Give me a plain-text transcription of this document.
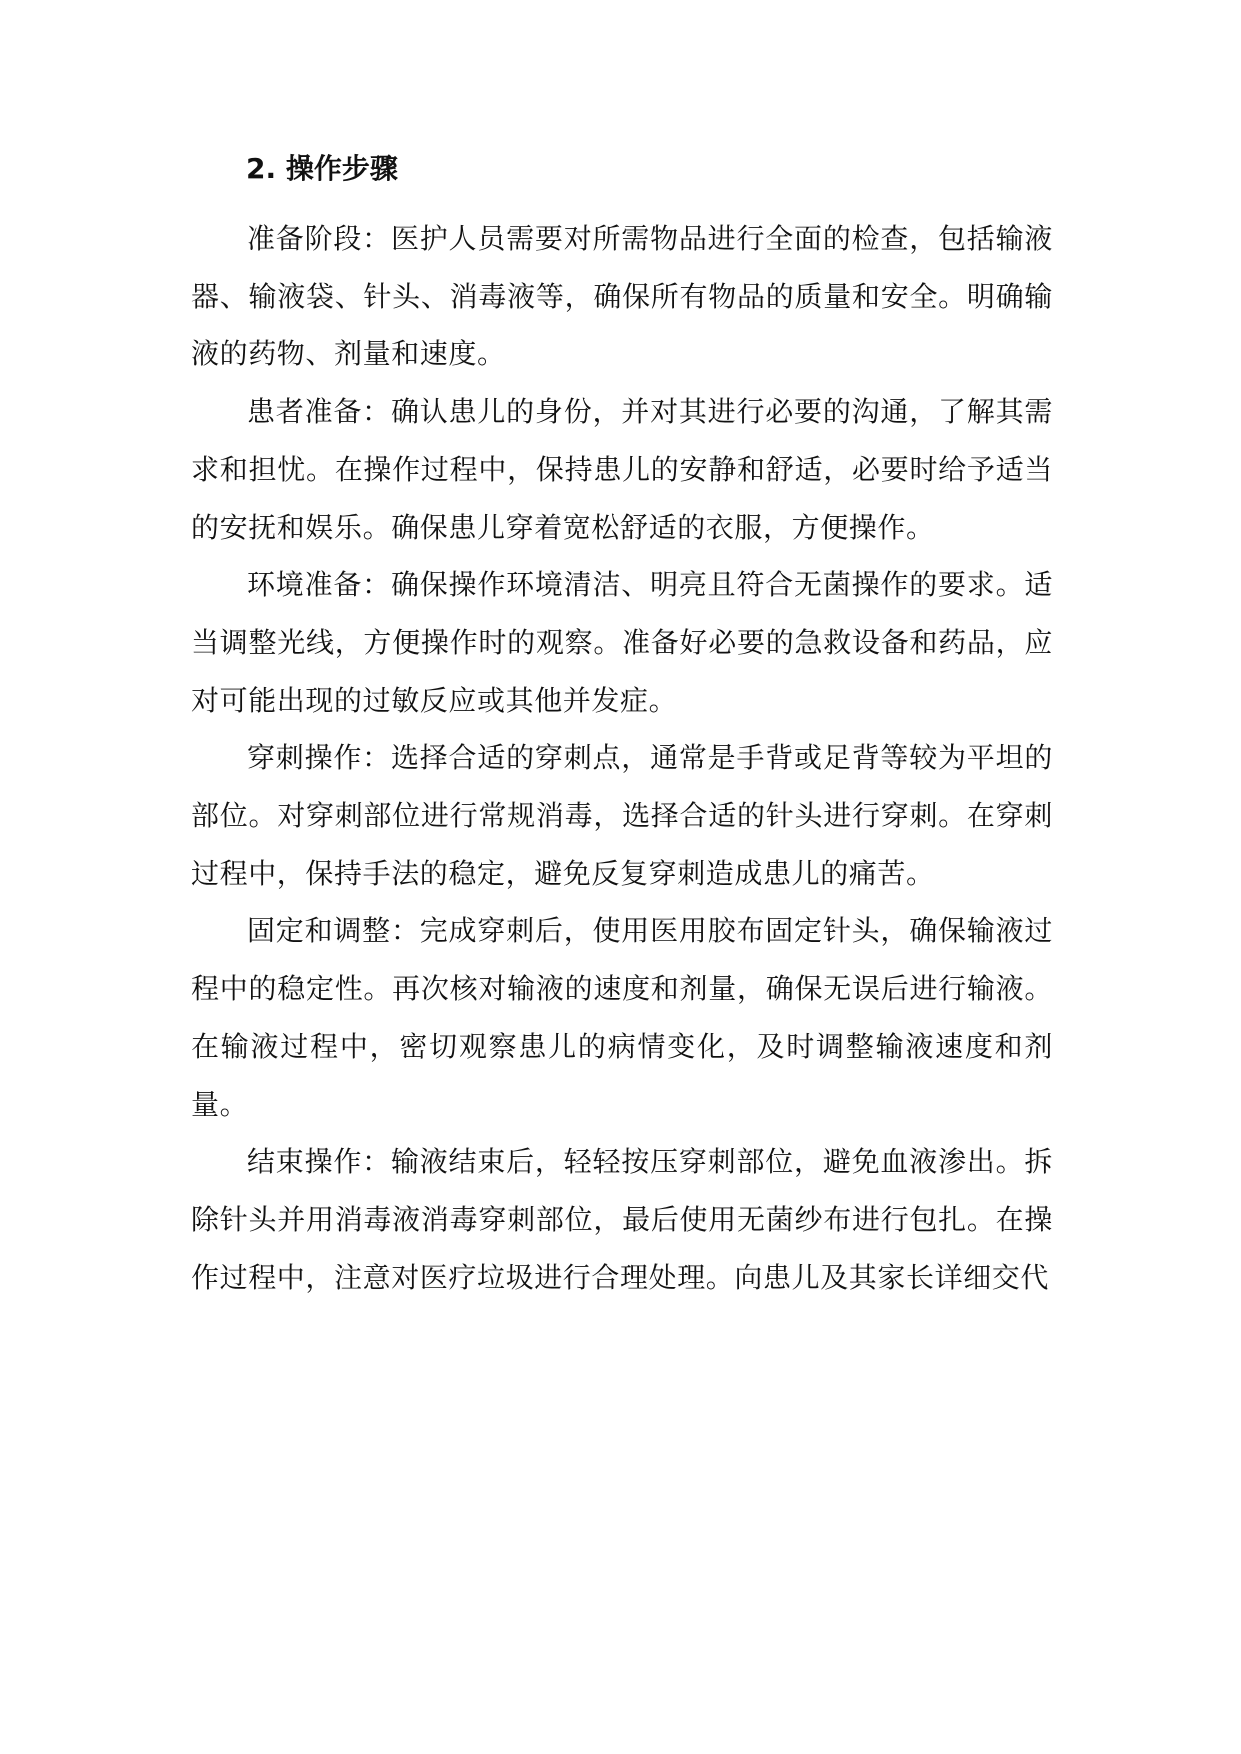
2. 操作步骤

准备阶段：医护人员需要对所需物品进行全面的检查，包括输液器、输液袋、针头、消毒液等，确保所有物品的质量和安全。明确输液的药物、剂量和速度。

患者准备：确认患儿的身份，并对其进行必要的沟通，了解其需求和担忧。在操作过程中，保持患儿的安静和舒适，必要时给予适当的安抚和娱乐。确保患儿穿着宽松舒适的衣服，方便操作。

环境准备：确保操作环境清洁、明亮且符合无菌操作的要求。适当调整光线，方便操作时的观察。准备好必要的急救设备和药品，应对可能出现的过敏反应或其他并发症。

穿刺操作：选择合适的穿刺点，通常是手背或足背等较为平坦的部位。对穿刺部位进行常规消毒，选择合适的针头进行穿刺。在穿刺过程中，保持手法的稳定，避免反复穿刺造成患儿的痛苦。

固定和调整：完成穿刺后，使用医用胶布固定针头，确保输液过程中的稳定性。再次核对输液的速度和剂量，确保无误后进行输液。在输液过程中，密切观察患儿的病情变化，及时调整输液速度和剂量。

结束操作：输液结束后，轻轻按压穿刺部位，避免血液渗出。拆除针头并用消毒液消毒穿刺部位，最后使用无菌纱布进行包扎。在操作过程中，注意对医疗垃圾进行合理处理。向患儿及其家长详细交代
